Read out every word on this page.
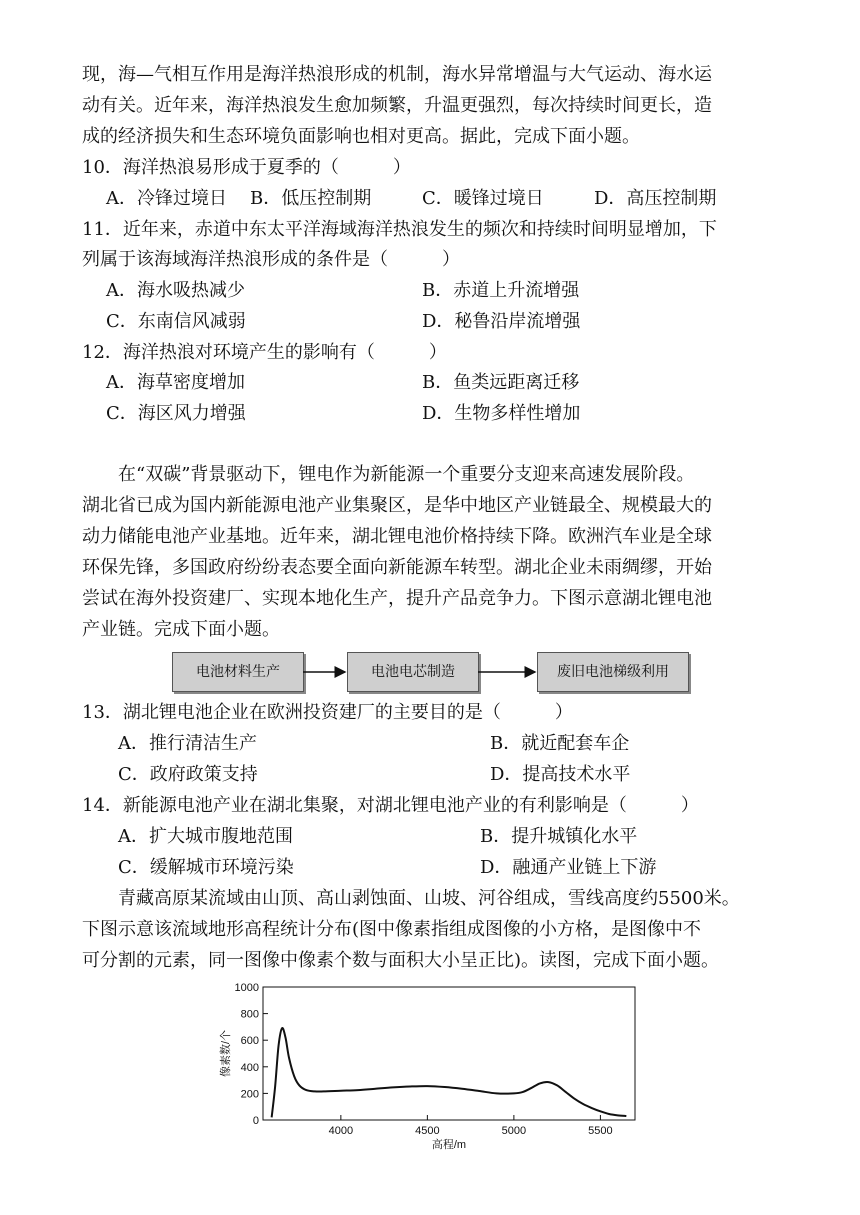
现，海—气相互作用是海洋热浪形成的机制，海水异常增温与大气运动、海水运
动有关。近年来，海洋热浪发生愈加频繁，升温更强烈，每次持续时间更长，造
成的经济损失和生态环境负面影响也相对更高。据此，完成下面小题。
10．海洋热浪易形成于夏季的（　　　）
A．冷锋过境日 B．低压控制期	C．暖锋过境日	D．高压控制期
11．近年来，赤道中东太平洋海域海洋热浪发生的频次和持续时间明显增加，下
列属于该海域海洋热浪形成的条件是（　　　）
A．海水吸热减少	B．赤道上升流增强
C．东南信风减弱	D．秘鲁沿岸流增强
12．海洋热浪对环境产生的影响有（　　　）
A．海草密度增加	B．鱼类远距离迁移
C．海区风力增强	D．生物多样性增加
　　在“双碳”背景驱动下，锂电作为新能源一个重要分支迎来高速发展阶段。
湖北省已成为国内新能源电池产业集聚区，是华中地区产业链最全、规模最大的
动力储能电池产业基地。近年来，湖北锂电池价格持续下降。欧洲汽车业是全球
环保先锋，多国政府纷纷表态要全面向新能源车转型。湖北企业未雨绸缪，开始
尝试在海外投资建厂、实现本地化生产，提升产品竞争力。下图示意湖北锂电池
产业链。完成下面小题。
电池材料生产	电池电芯制造	废旧电池梯级利用
13．湖北锂电池企业在欧洲投资建厂的主要目的是（　　　）
A．推行清洁生产	B．就近配套车企
C．政府政策支持	D．提高技术水平
14．新能源电池产业在湖北集聚，对湖北锂电池产业的有利影响是（　　　）
A．扩大城市腹地范围	B．提升城镇化水平
C．缓解城市环境污染	D．融通产业链上下游
　　青藏高原某流域由山顶、高山剥蚀面、山坡、河谷组成，雪线高度约5500米。
下图示意该流域地形高程统计分布(图中像素指组成图像的小方格，是图像中不
可分割的元素，同一图像中像素个数与面积大小呈正比)。读图，完成下面小题。
0
200
400
600
800
1000
4000	4500	5000	5500
像素数/个
高程/m
